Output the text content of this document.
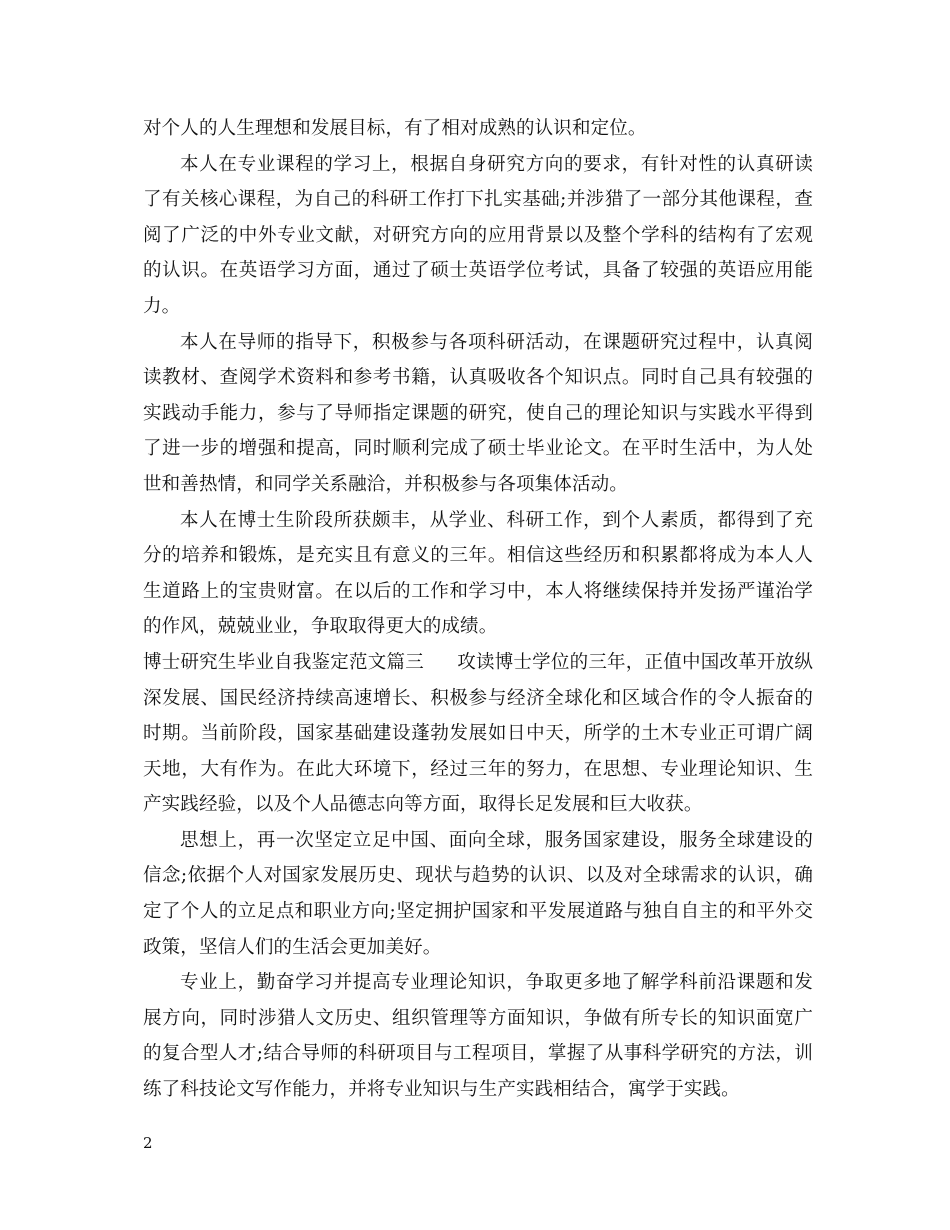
对个人的人生理想和发展目标，有了相对成熟的认识和定位。

本人在专业课程的学习上，根据自身研究方向的要求，有针对性的认真研读了有关核心课程，为自己的科研工作打下扎实基础;并涉猎了一部分其他课程，查阅了广泛的中外专业文献，对研究方向的应用背景以及整个学科的结构有了宏观的认识。在英语学习方面，通过了硕士英语学位考试，具备了较强的英语应用能力。

本人在导师的指导下，积极参与各项科研活动，在课题研究过程中，认真阅读教材、查阅学术资料和参考书籍，认真吸收各个知识点。同时自己具有较强的实践动手能力，参与了导师指定课题的研究，使自己的理论知识与实践水平得到了进一步的增强和提高，同时顺利完成了硕士毕业论文。在平时生活中，为人处世和善热情，和同学关系融洽，并积极参与各项集体活动。

本人在博士生阶段所获颇丰，从学业、科研工作，到个人素质，都得到了充分的培养和锻炼，是充实且有意义的三年。相信这些经历和积累都将成为本人人生道路上的宝贵财富。在以后的工作和学习中，本人将继续保持并发扬严谨治学的作风，兢兢业业，争取取得更大的成绩。

博士研究生毕业自我鉴定范文篇三 攻读博士学位的三年，正值中国改革开放纵深发展、国民经济持续高速增长、积极参与经济全球化和区域合作的令人振奋的时期。当前阶段，国家基础建设蓬勃发展如日中天，所学的土木专业正可谓广阔天地，大有作为。在此大环境下，经过三年的努力，在思想、专业理论知识、生产实践经验，以及个人品德志向等方面，取得长足发展和巨大收获。

思想上，再一次坚定立足中国、面向全球，服务国家建设，服务全球建设的信念;依据个人对国家发展历史、现状与趋势的认识、以及对全球需求的认识，确定了个人的立足点和职业方向;坚定拥护国家和平发展道路与独自自主的和平外交政策，坚信人们的生活会更加美好。

专业上，勤奋学习并提高专业理论知识，争取更多地了解学科前沿课题和发展方向，同时涉猎人文历史、组织管理等方面知识，争做有所专长的知识面宽广的复合型人才;结合导师的科研项目与工程项目，掌握了从事科学研究的方法，训练了科技论文写作能力，并将专业知识与生产实践相结合，寓学于实践。

2
